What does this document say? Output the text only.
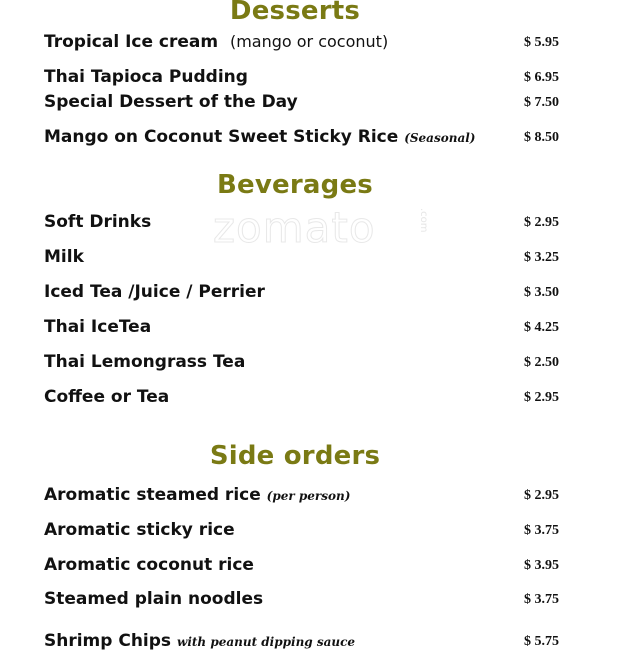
zomato	.com
Desserts
Tropical Ice cream (mango or coconut)	$ 5.95
Thai Tapioca Pudding	$ 6.95
Special Dessert of the Day	$ 7.50
Mango on Coconut Sweet Sticky Rice (Seasonal)	$ 8.50
Beverages
Soft Drinks	$ 2.95
Milk	$ 3.25
Iced Tea /Juice / Perrier	$ 3.50
Thai IceTea	$ 4.25
Thai Lemongrass Tea	$ 2.50
Coffee or Tea	$ 2.95
Side orders
Aromatic steamed rice (per person)	$ 2.95
Aromatic sticky rice	$ 3.75
Aromatic coconut rice	$ 3.95
Steamed plain noodles	$ 3.75
Shrimp Chips with peanut dipping sauce	$ 5.75
